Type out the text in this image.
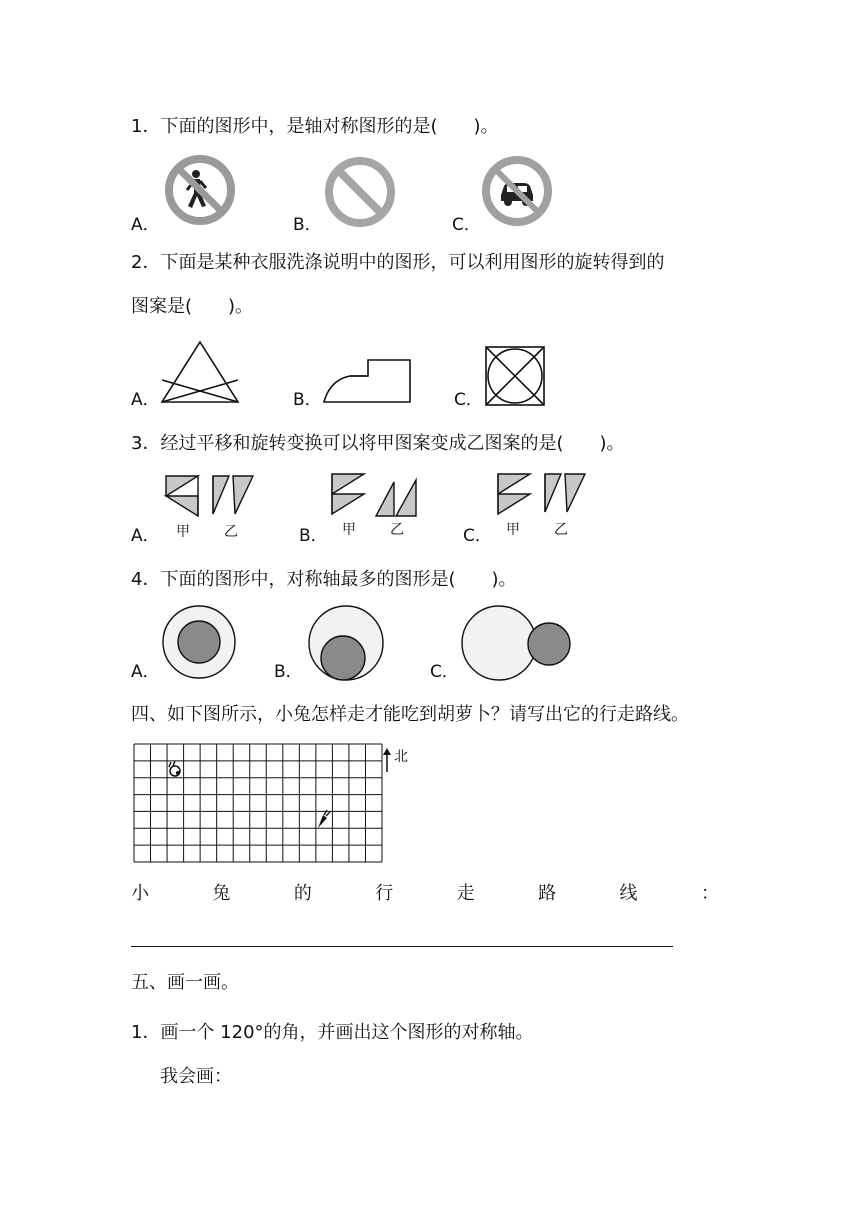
1．下面的图形中，是轴对称图形的是(　　)。
A．	B．	C．
2．下面是某种衣服洗涤说明中的图形，可以利用图形的旋转得到的
图案是(　　)。
A．	B．	C．
3．经过平移和旋转变换可以将甲图案变成乙图案的是(　　)。
A． 甲 乙	B． 甲 乙	C． 甲 乙
4．下面的图形中，对称轴最多的图形是(　　)。
A．	B．	C．
四、如下图所示，小兔怎样走才能吃到胡萝卜？请写出它的行走路线。
北
小	兔	的	行	走	路	线	：
五、画一画。
1．画一个 120°的角，并画出这个图形的对称轴。
我会画：
